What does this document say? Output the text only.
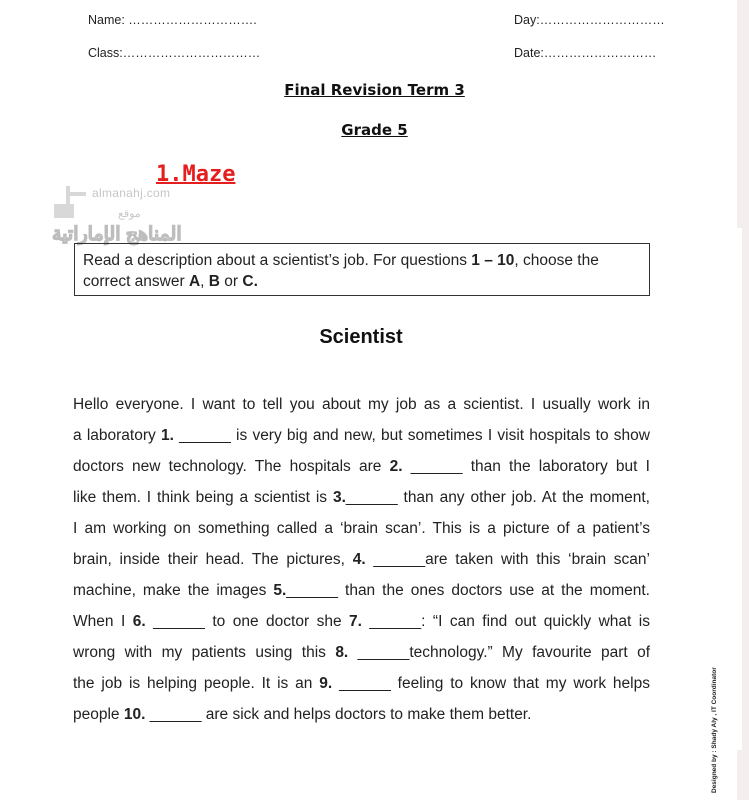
Name: ………………………….	Day:…………………………
Class:……………………………	Date:………………………
Final Revision Term 3
Grade 5
almanahj.com
موقع
1.Maze
المناهج الإماراتية
Read a description about a scientist’s job. For questions 1 – 10, choose the correct answer A, B or C.
Scientist
Hello everyone. I want to tell you about my job as a scientist. I usually work in
a laboratory 1. ______ is very big and new, but sometimes I visit hospitals to show
doctors new technology. The hospitals are 2. ______ than the laboratory but I
like them. I think being a scientist is 3.______ than any other job. At the moment,
I am working on something called a ‘brain scan’. This is a picture of a patient’s
brain, inside their head. The pictures, 4. ______are taken with this ‘brain scan’
machine, make the images 5.______ than the ones doctors use at the moment.
When I 6. ______ to one doctor she 7. ______: “I can find out quickly what is
wrong with my patients using this 8. ______technology.” My favourite part of
the job is helping people. It is an 9. ______ feeling to know that my work helps
people 10. ______ are sick and helps doctors to make them better.	Designed by : Shady Aly , IT Coordinator
